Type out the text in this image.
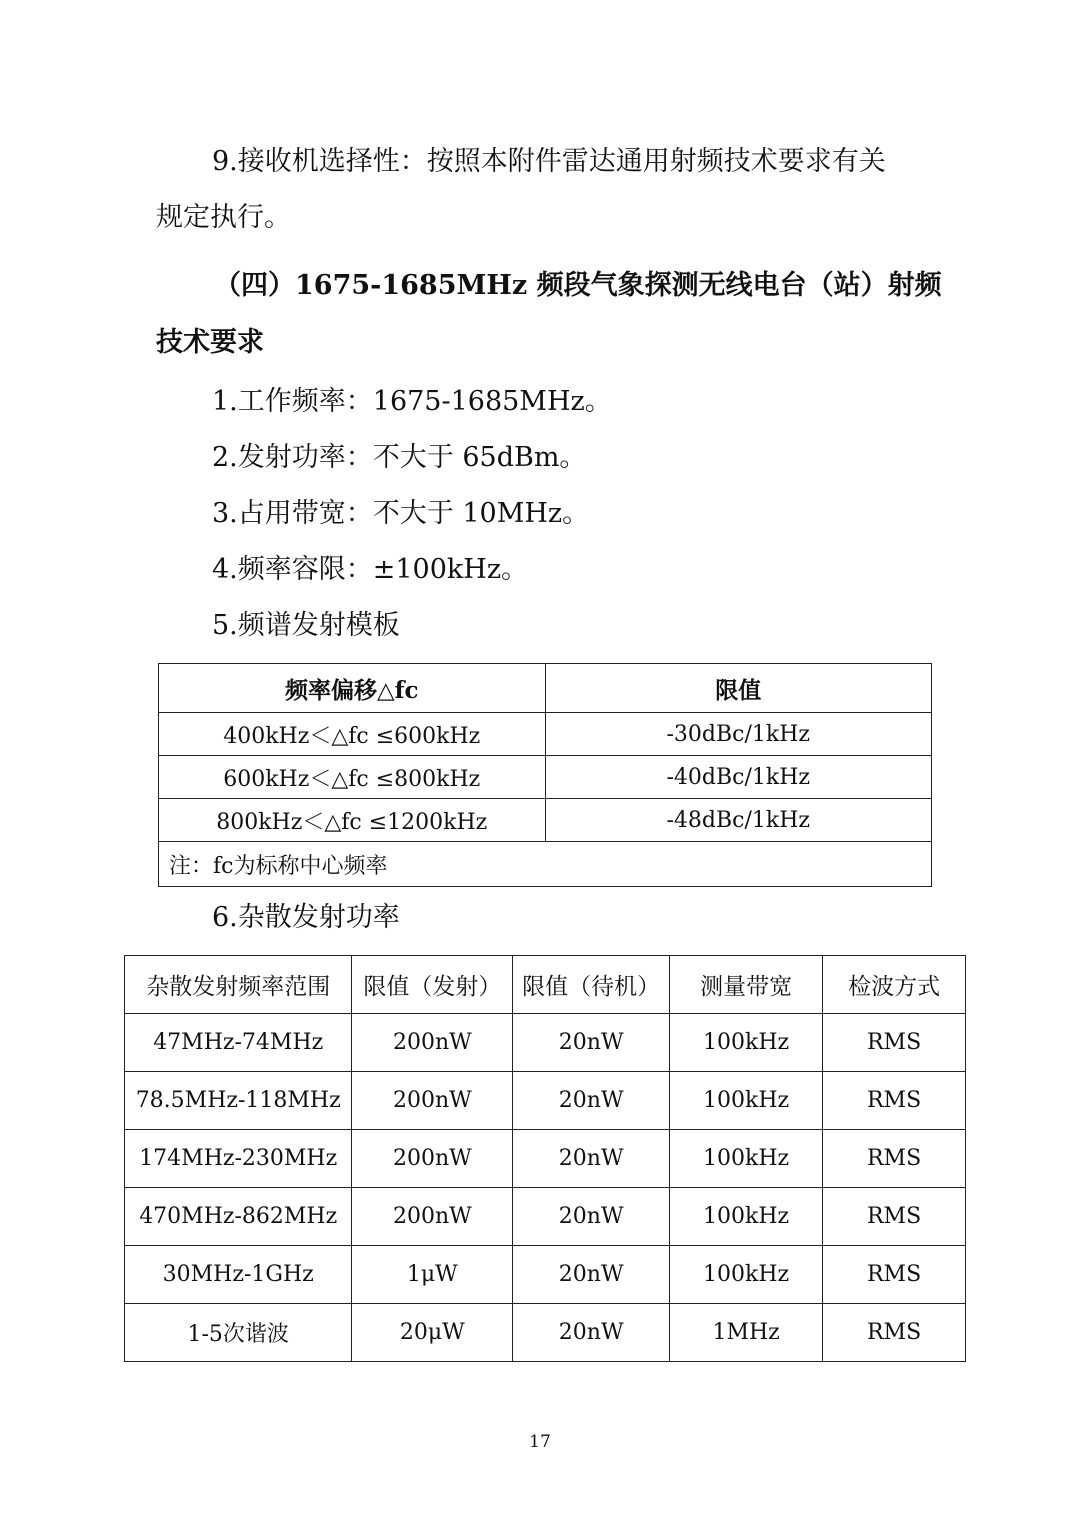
9.接收机选择性：按照本附件雷达通用射频技术要求有关
规定执行。
（四）1675-1685MHz 频段气象探测无线电台（站）射频
技术要求
1.工作频率：1675-1685MHz。
2.发射功率：不大于 65dBm。
3.占用带宽：不大于 10MHz。
4.频率容限：±100kHz。
5.频谱发射模板
频率偏移△fc	限值
400kHz＜△fc ≤600kHz	-30dBc/1kHz
600kHz＜△fc ≤800kHz	-40dBc/1kHz
800kHz＜△fc ≤1200kHz	-48dBc/1kHz
注：fc为标称中心频率	
6.杂散发射功率
杂散发射频率范围	限值（发射）	限值（待机）	测量带宽	检波方式
47MHz-74MHz	200nW	20nW	100kHz	RMS
78.5MHz-118MHz	200nW	20nW	100kHz	RMS
174MHz-230MHz	200nW	20nW	100kHz	RMS
470MHz-862MHz	200nW	20nW	100kHz	RMS
30MHz-1GHz	1μW	20nW	100kHz	RMS
1-5次谐波	20μW	20nW	1MHz	RMS
17
